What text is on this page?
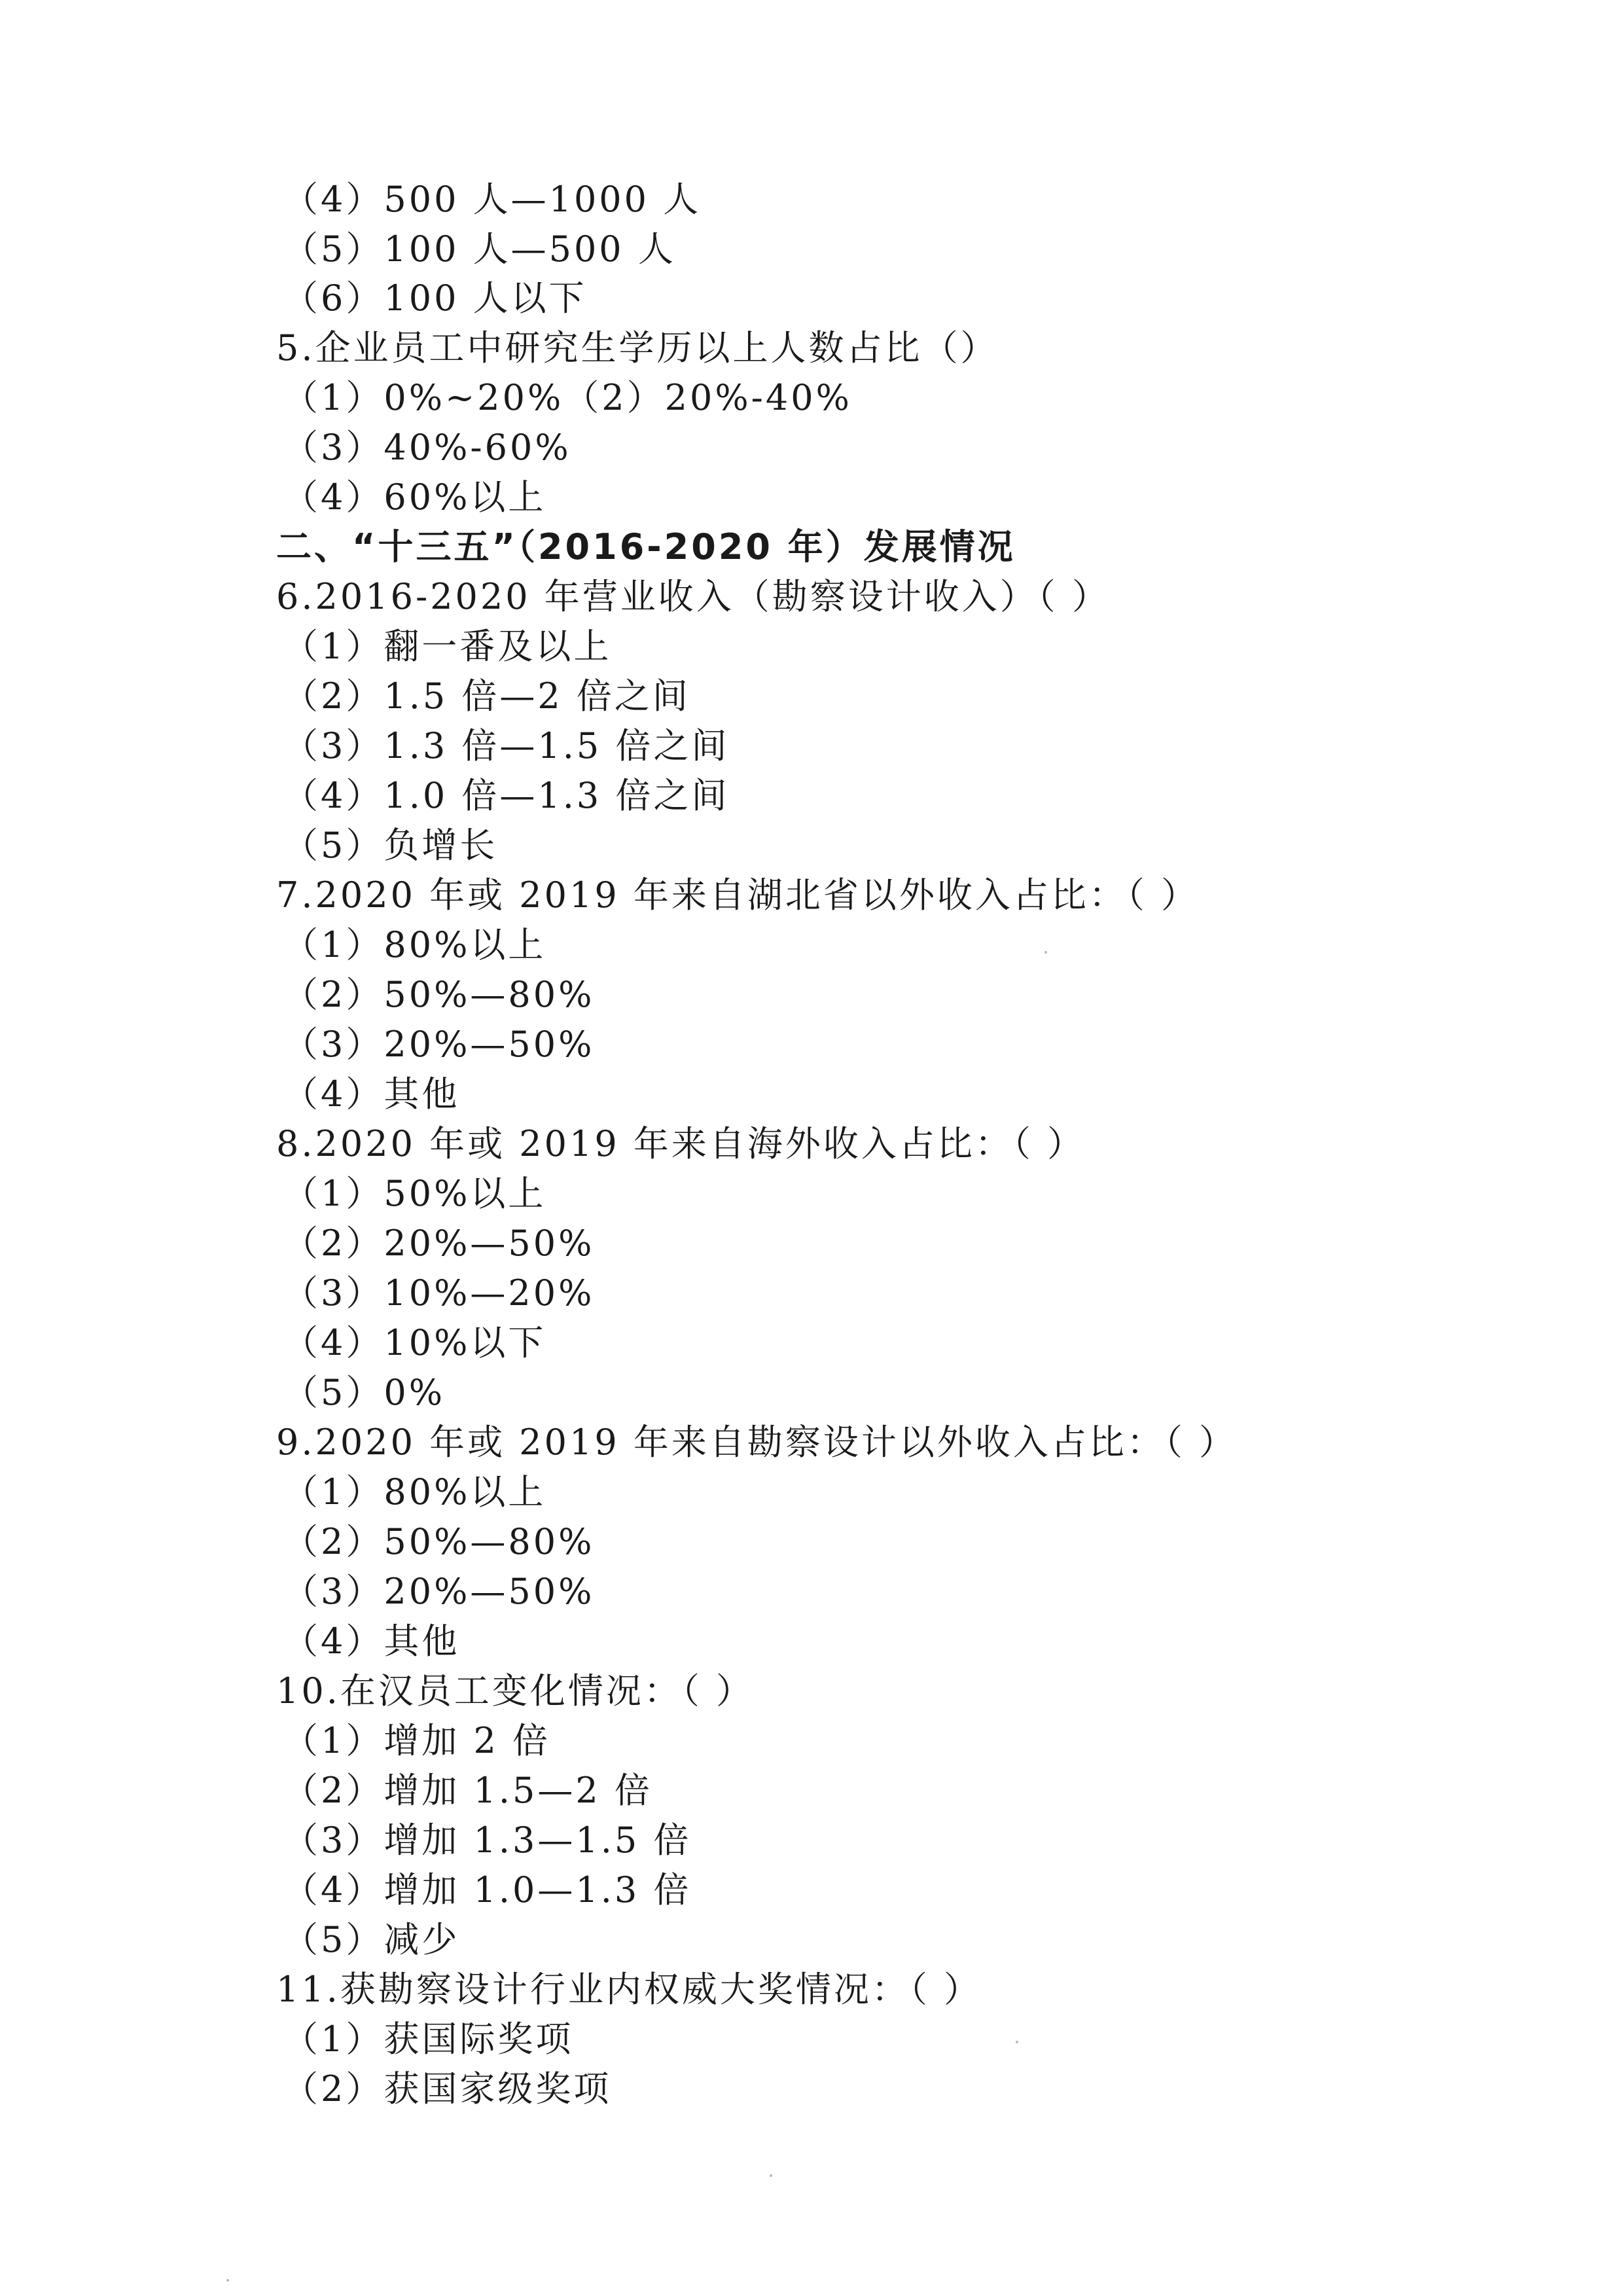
（4）500 人—1000 人
（5）100 人—500 人
（6）100 人以下
5.企业员工中研究生学历以上人数占比（）
（1）0%~20%（2）20%-40%
（3）40%-60%
（4）60%以上
二、“十三五”（2016-2020 年）发展情况
6.2016-2020 年营业收入（勘察设计收入）（ ）
（1）翻一番及以上
（2）1.5 倍—2 倍之间
（3）1.3 倍—1.5 倍之间
（4）1.0 倍—1.3 倍之间
（5）负增长
7.2020 年或 2019 年来自湖北省以外收入占比：（ ）
（1）80%以上
（2）50%—80%
（3）20%—50%
（4）其他
8.2020 年或 2019 年来自海外收入占比：（ ）
（1）50%以上
（2）20%—50%
（3）10%—20%
（4）10%以下
（5）0%
9.2020 年或 2019 年来自勘察设计以外收入占比：（ ）
（1）80%以上
（2）50%—80%
（3）20%—50%
（4）其他
10.在汉员工变化情况：（ ）
（1）增加 2 倍
（2）增加 1.5—2 倍
（3）增加 1.3—1.5 倍
（4）增加 1.0—1.3 倍
（5）减少
11.获勘察设计行业内权威大奖情况：（ ）
（1）获国际奖项
（2）获国家级奖项
